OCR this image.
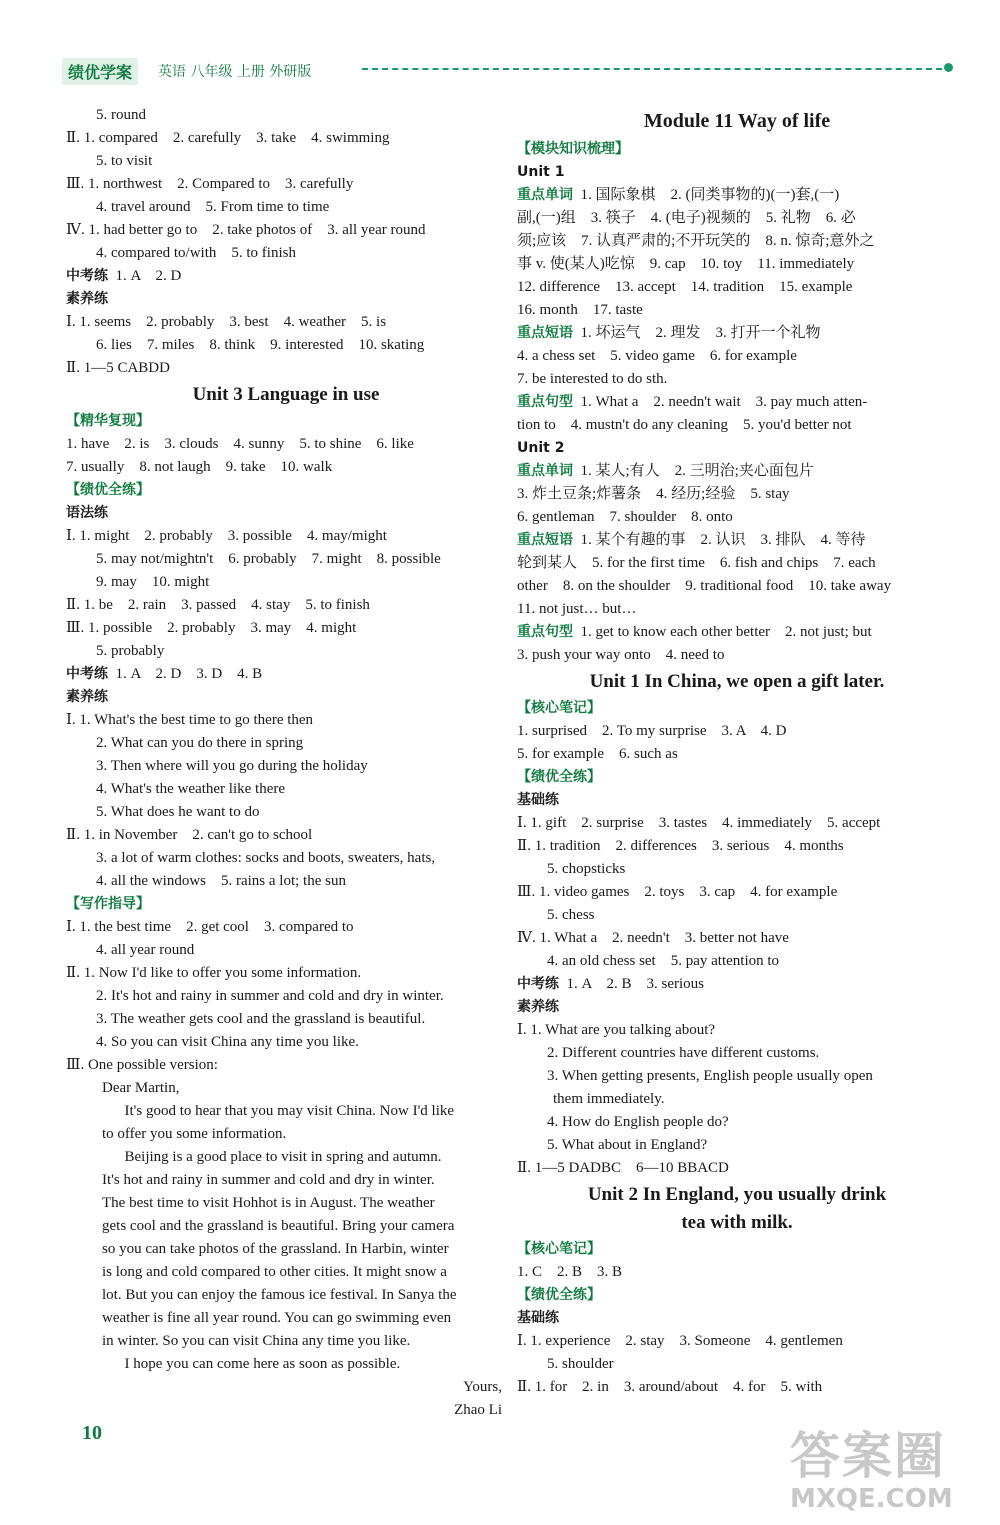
绩优学案	英语 八年级 上册 外研版
5. round
Ⅱ. 1. compared    2. carefully    3. take    4. swimming
5. to visit
Ⅲ. 1. northwest    2. Compared to    3. carefully
4. travel around    5. From time to time
Ⅳ. 1. had better go to    2. take photos of    3. all year round
4. compared to/with    5. to finish
中考练  1. A    2. D
素养练
Ⅰ. 1. seems    2. probably    3. best    4. weather    5. is
6. lies    7. miles    8. think    9. interested    10. skating
Ⅱ. 1—5 CABDD
Unit 3 Language in use
【精华复现】
1. have    2. is    3. clouds    4. sunny    5. to shine    6. like
7. usually    8. not laugh    9. take    10. walk
【绩优全练】
语法练
Ⅰ. 1. might    2. probably    3. possible    4. may/might
5. may not/mightn't    6. probably    7. might    8. possible
9. may    10. might
Ⅱ. 1. be    2. rain    3. passed    4. stay    5. to finish
Ⅲ. 1. possible    2. probably    3. may    4. might
5. probably
中考练  1. A    2. D    3. D    4. B
素养练
Ⅰ. 1. What's the best time to go there then
2. What can you do there in spring
3. Then where will you go during the holiday
4. What's the weather like there
5. What does he want to do
Ⅱ. 1. in November    2. can't go to school
3. a lot of warm clothes: socks and boots, sweaters, hats,
4. all the windows    5. rains a lot; the sun
【写作指导】
Ⅰ. 1. the best time    2. get cool    3. compared to
4. all year round
Ⅱ. 1. Now I'd like to offer you some information.
2. It's hot and rainy in summer and cold and dry in winter.
3. The weather gets cool and the grassland is beautiful.
4. So you can visit China any time you like.
Ⅲ. One possible version:
Dear Martin,
It's good to hear that you may visit China. Now I'd like
to offer you some information.
Beijing is a good place to visit in spring and autumn.
It's hot and rainy in summer and cold and dry in winter.
The best time to visit Hohhot is in August. The weather
gets cool and the grassland is beautiful. Bring your camera
so you can take photos of the grassland. In Harbin, winter
is long and cold compared to other cities. It might snow a
lot. But you can enjoy the famous ice festival. In Sanya the
weather is fine all year round. You can go swimming even
in winter. So you can visit China any time you like.
I hope you can come here as soon as possible.
Yours,
Zhao Li
Module 11 Way of life
【模块知识梳理】
Unit 1
重点单词  1. 国际象棋    2. (同类事物的)(一)套,(一)
副,(一)组    3. 筷子    4. (电子)视频的    5. 礼物    6. 必
须;应该    7. 认真严肃的;不开玩笑的    8. n. 惊奇;意外之
事 v. 使(某人)吃惊    9. cap    10. toy    11. immediately
12. difference    13. accept    14. tradition    15. example
16. month    17. taste
重点短语  1. 坏运气    2. 理发    3. 打开一个礼物
4. a chess set    5. video game    6. for example
7. be interested to do sth.
重点句型  1. What a    2. needn't wait    3. pay much atten-
tion to    4. mustn't do any cleaning    5. you'd better not
Unit 2
重点单词  1. 某人;有人    2. 三明治;夹心面包片
3. 炸土豆条;炸薯条    4. 经历;经验    5. stay
6. gentleman    7. shoulder    8. onto
重点短语  1. 某个有趣的事    2. 认识    3. 排队    4. 等待
轮到某人    5. for the first time    6. fish and chips    7. each
other    8. on the shoulder    9. traditional food    10. take away
11. not just… but…
重点句型  1. get to know each other better    2. not just; but
3. push your way onto    4. need to
Unit 1 In China, we open a gift later.
【核心笔记】
1. surprised    2. To my surprise    3. A    4. D
5. for example    6. such as
【绩优全练】
基础练
Ⅰ. 1. gift    2. surprise    3. tastes    4. immediately    5. accept
Ⅱ. 1. tradition    2. differences    3. serious    4. months
5. chopsticks
Ⅲ. 1. video games    2. toys    3. cap    4. for example
5. chess
Ⅳ. 1. What a    2. needn't    3. better not have
4. an old chess set    5. pay attention to
中考练  1. A    2. B    3. serious
素养练
Ⅰ. 1. What are you talking about?
2. Different countries have different customs.
3. When getting presents, English people usually open
them immediately.
4. How do English people do?
5. What about in England?
Ⅱ. 1—5 DADBC    6—10 BBACD
Unit 2 In England, you usually drink
tea with milk.
【核心笔记】
1. C    2. B    3. B
【绩优全练】
基础练
Ⅰ. 1. experience    2. stay    3. Someone    4. gentlemen
5. shoulder
Ⅱ. 1. for    2. in    3. around/about    4. for    5. with
10	答案圈
MXQE.COM
